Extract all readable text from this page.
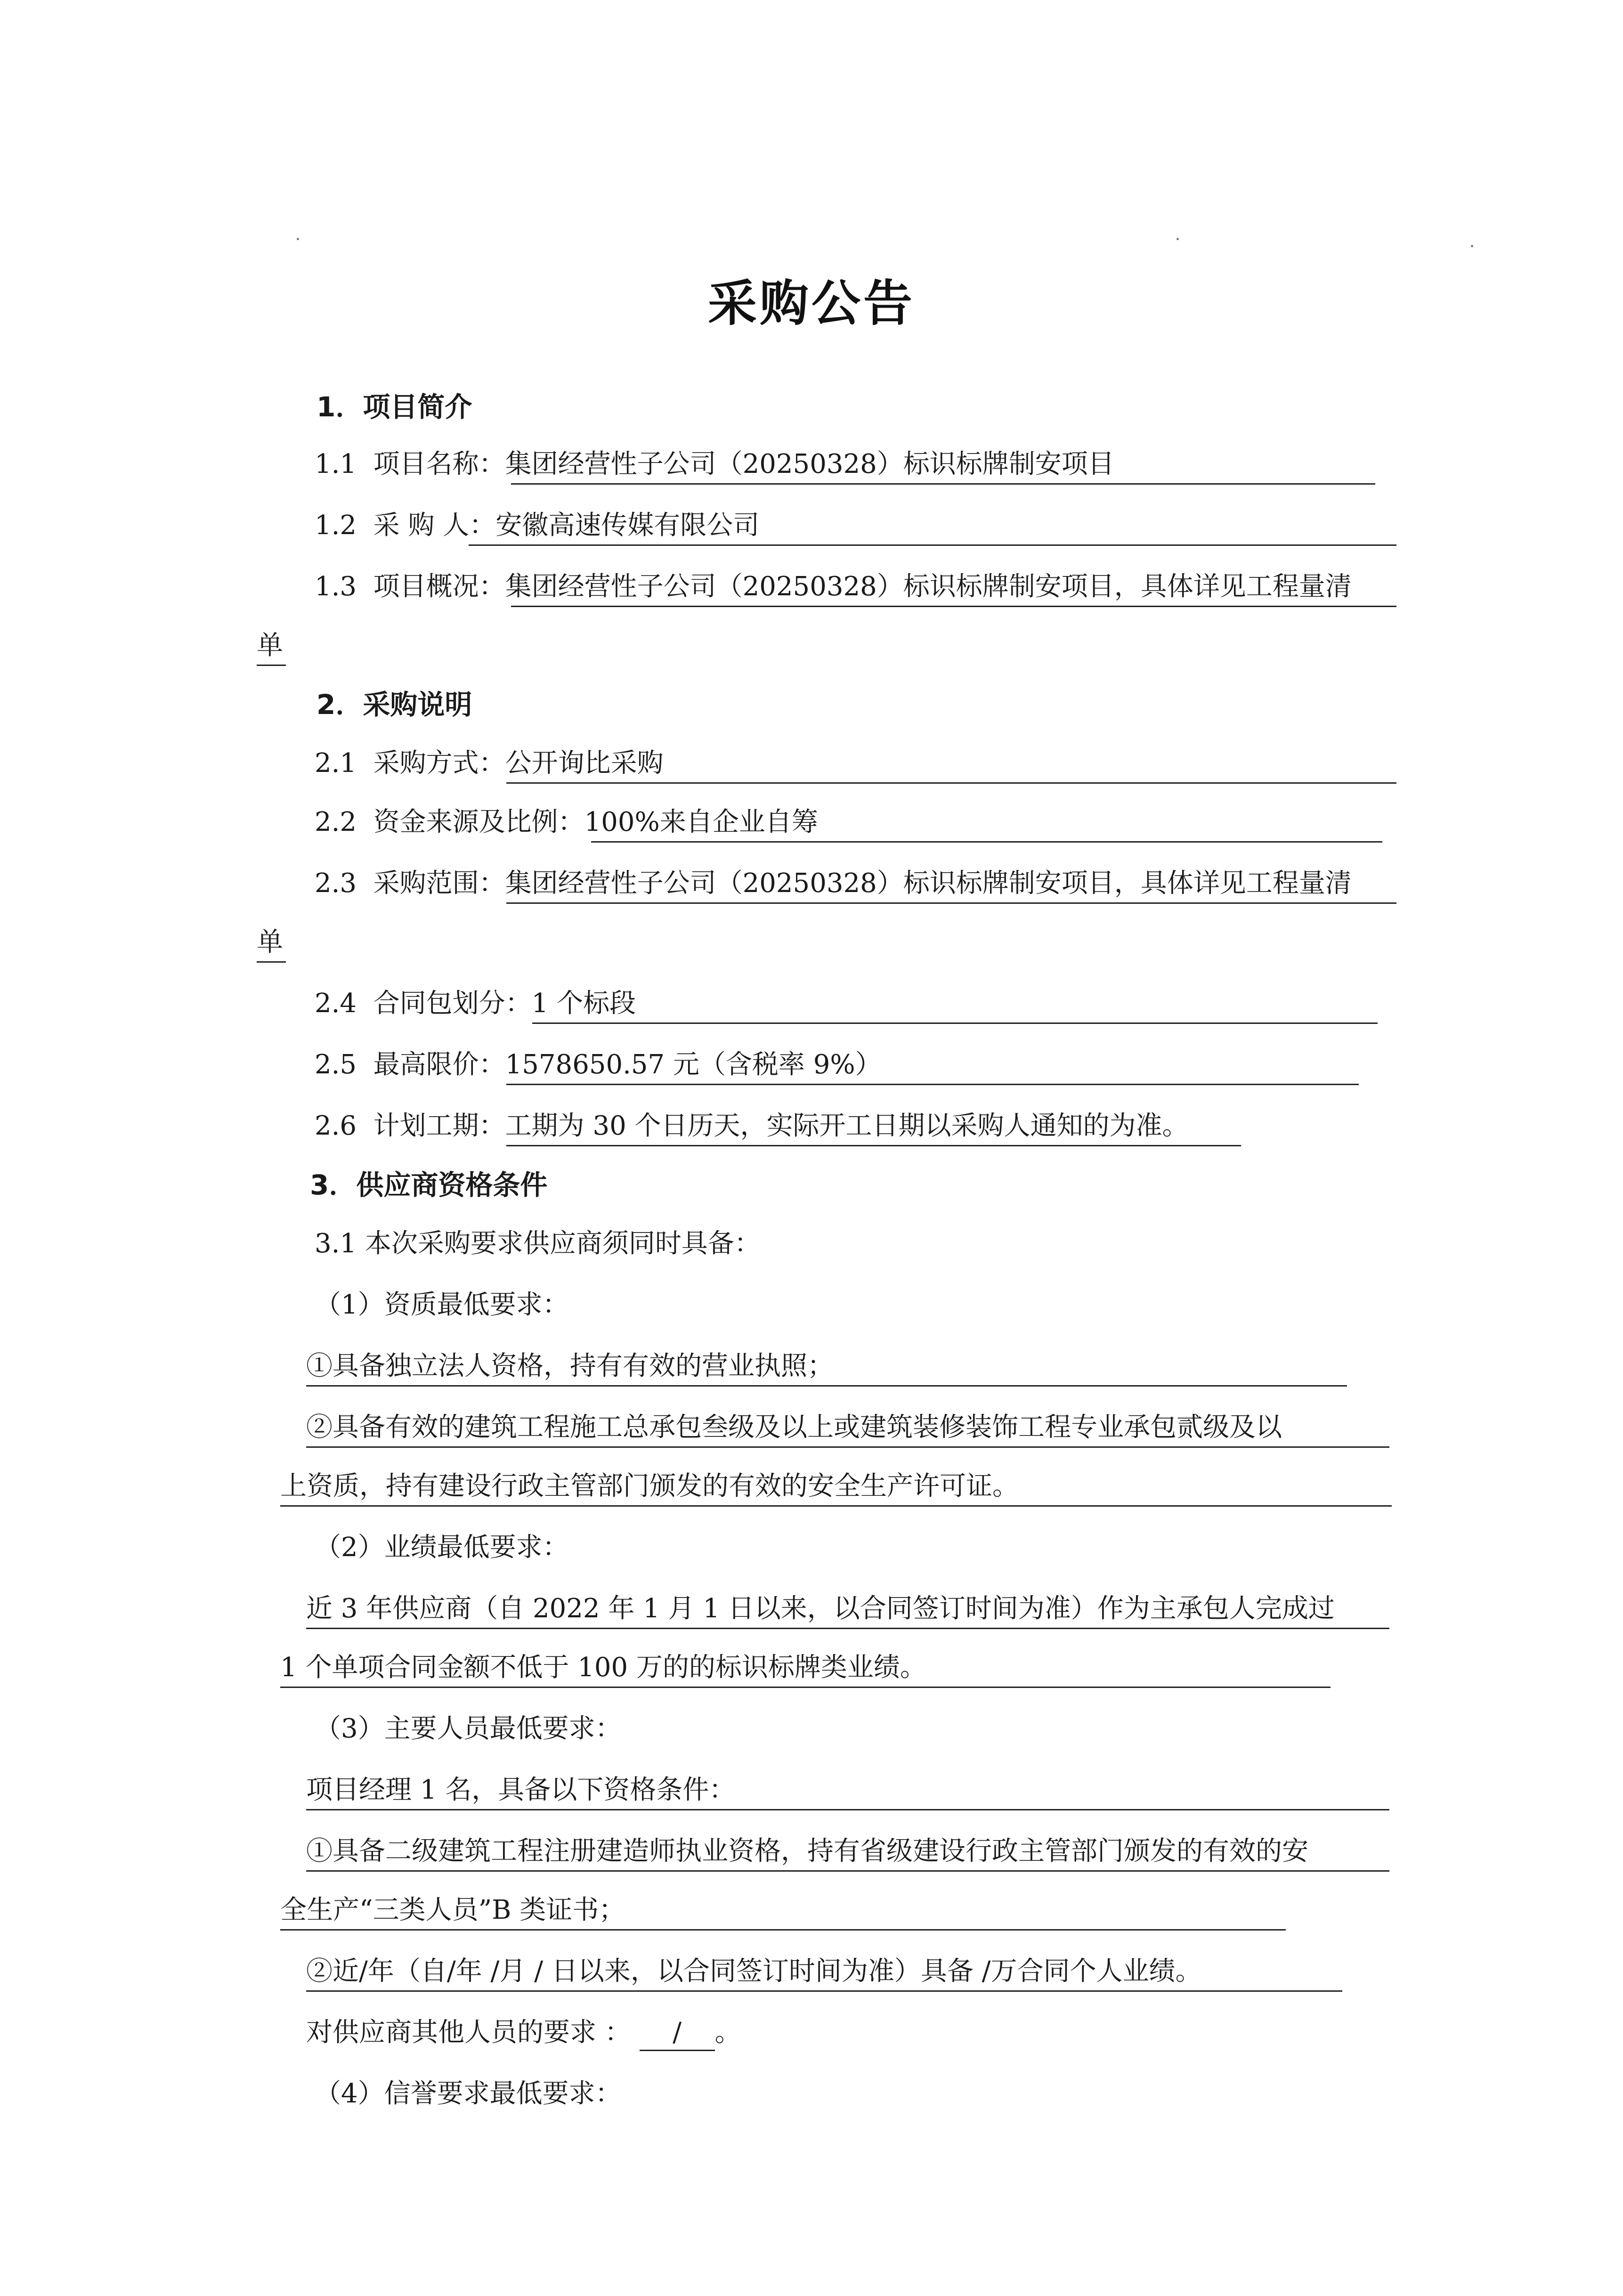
采购公告
1．项目简介
1.1 项目名称：集团经营性子公司（20250328）标识标牌制安项目
1.2 采 购 人：安徽高速传媒有限公司
1.3 项目概况：集团经营性子公司（20250328）标识标牌制安项目，具体详见工程量清
单
2．采购说明
2.1 采购方式：公开询比采购
2.2 资金来源及比例：100%来自企业自筹
2.3 采购范围：集团经营性子公司（20250328）标识标牌制安项目，具体详见工程量清
单
2.4 合同包划分：1 个标段
2.5 最高限价：1578650.57 元（含税率 9%）
2.6 计划工期：工期为 30 个日历天，实际开工日期以采购人通知的为准。
3．供应商资格条件
3.1 本次采购要求供应商须同时具备：
（1）资质最低要求：
①具备独立法人资格，持有有效的营业执照；
②具备有效的建筑工程施工总承包叁级及以上或建筑装修装饰工程专业承包贰级及以
上资质，持有建设行政主管部门颁发的有效的安全生产许可证。
（2）业绩最低要求：
近 3 年供应商（自 2022 年 1 月 1 日以来，以合同签订时间为准）作为主承包人完成过
1 个单项合同金额不低于 100 万的的标识标牌类业绩。
（3）主要人员最低要求：
项目经理 1 名，具备以下资格条件：
①具备二级建筑工程注册建造师执业资格，持有省级建设行政主管部门颁发的有效的安
全生产“三类人员”B 类证书；
②近/年（自/年 /月 / 日以来，以合同签订时间为准）具备 /万合同个人业绩。
对供应商其他人员的要求 ： / 。
（4）信誉要求最低要求：
